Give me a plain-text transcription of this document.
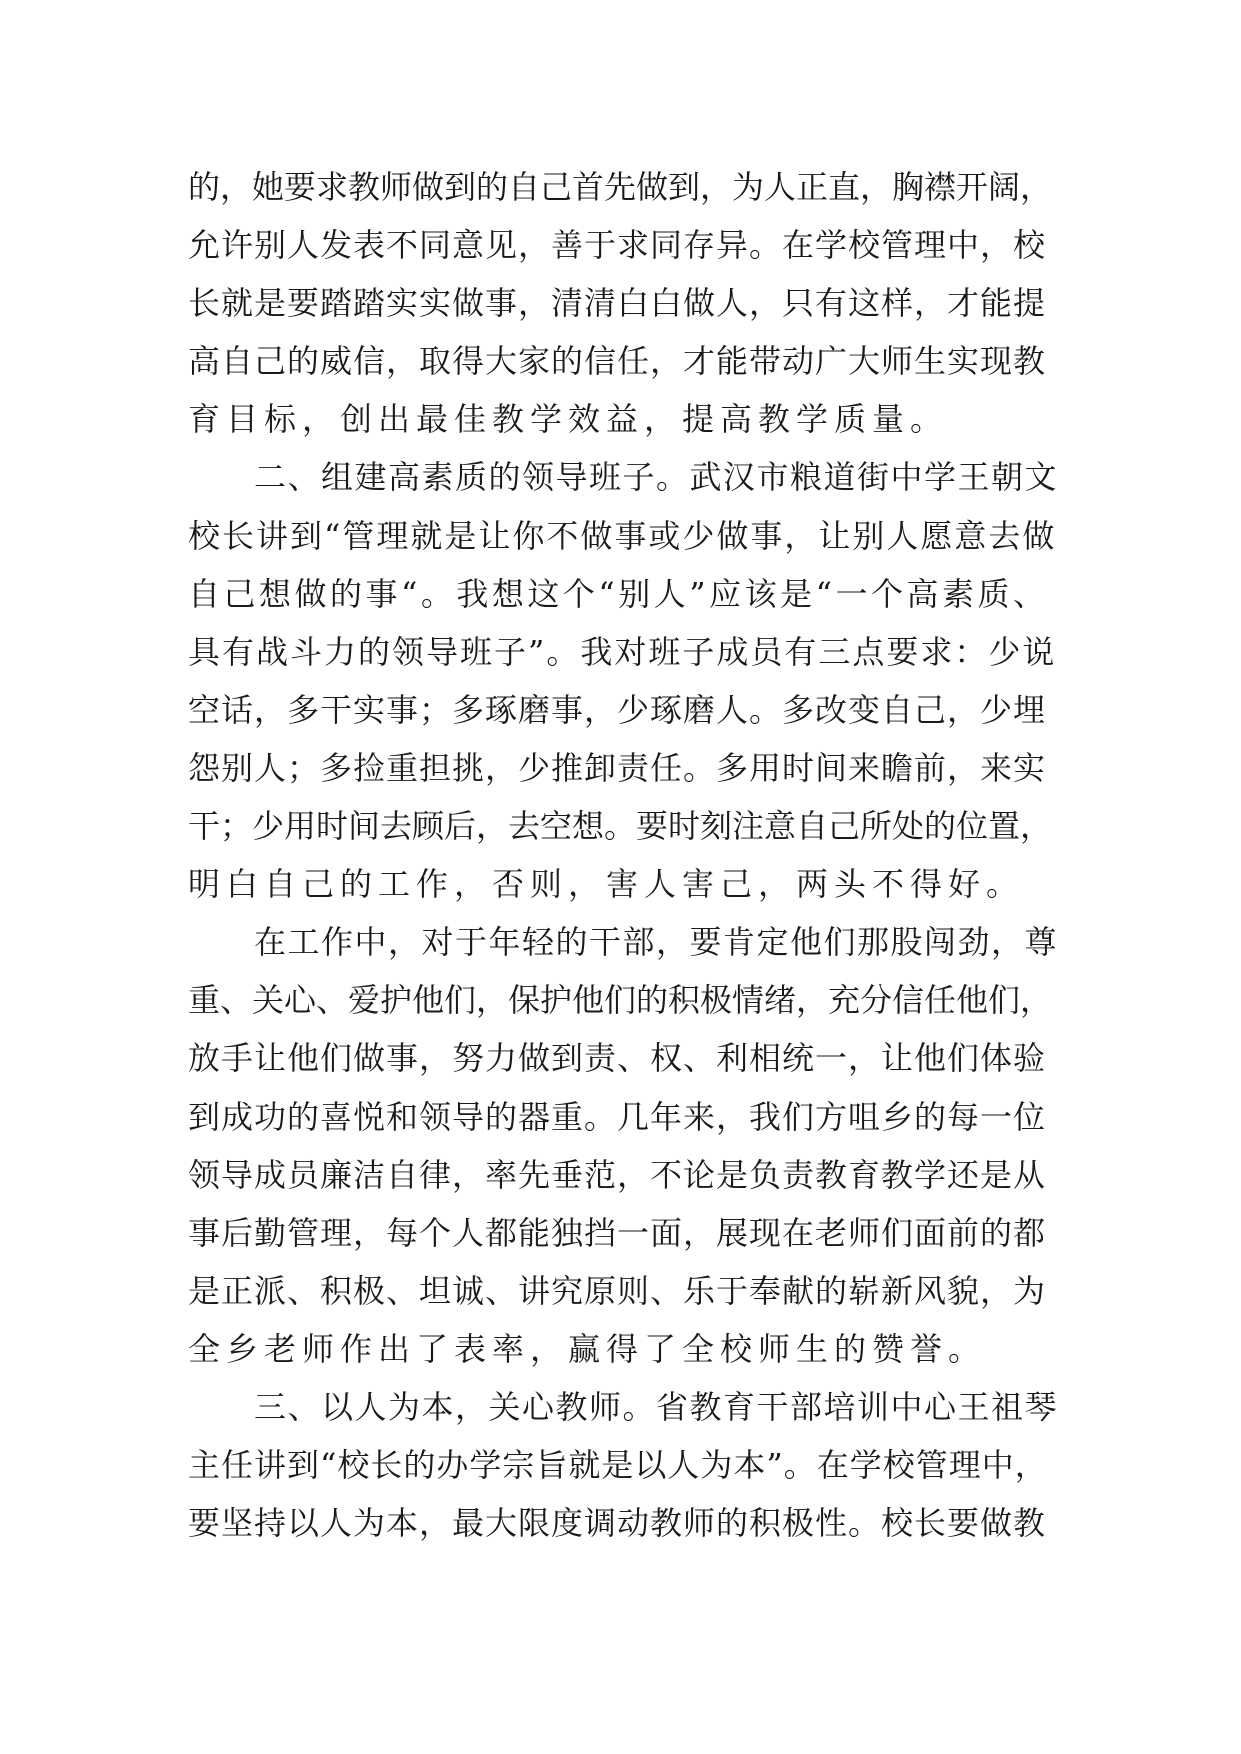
的，她要求教师做到的自己首先做到，为人正直，胸襟开阔，
允许别人发表不同意见，善于求同存异。在学校管理中，校
长就是要踏踏实实做事，清清白白做人，只有这样，才能提
高自己的威信，取得大家的信任，才能带动广大师生实现教
育目标，创出最佳教学效益，提高教学质量。
二、组建高素质的领导班子。武汉市粮道街中学王朝文
校长讲到“管理就是让你不做事或少做事，让别人愿意去做
自己想做的事“。我想这个“别人”应该是“一个高素质、
具有战斗力的领导班子”。我对班子成员有三点要求：少说
空话，多干实事；多琢磨事，少琢磨人。多改变自己，少埋
怨别人；多捡重担挑，少推卸责任。多用时间来瞻前，来实
干；少用时间去顾后，去空想。要时刻注意自己所处的位置，
明白自己的工作，否则，害人害己，两头不得好。
在工作中，对于年轻的干部，要肯定他们那股闯劲，尊
重、关心、爱护他们，保护他们的积极情绪，充分信任他们，
放手让他们做事，努力做到责、权、利相统一，让他们体验
到成功的喜悦和领导的器重。几年来，我们方咀乡的每一位
领导成员廉洁自律，率先垂范，不论是负责教育教学还是从
事后勤管理，每个人都能独挡一面，展现在老师们面前的都
是正派、积极、坦诚、讲究原则、乐于奉献的崭新风貌，为
全乡老师作出了表率，赢得了全校师生的赞誉。
三、以人为本，关心教师。省教育干部培训中心王祖琴
主任讲到“校长的办学宗旨就是以人为本”。在学校管理中，
要坚持以人为本，最大限度调动教师的积极性。校长要做教
